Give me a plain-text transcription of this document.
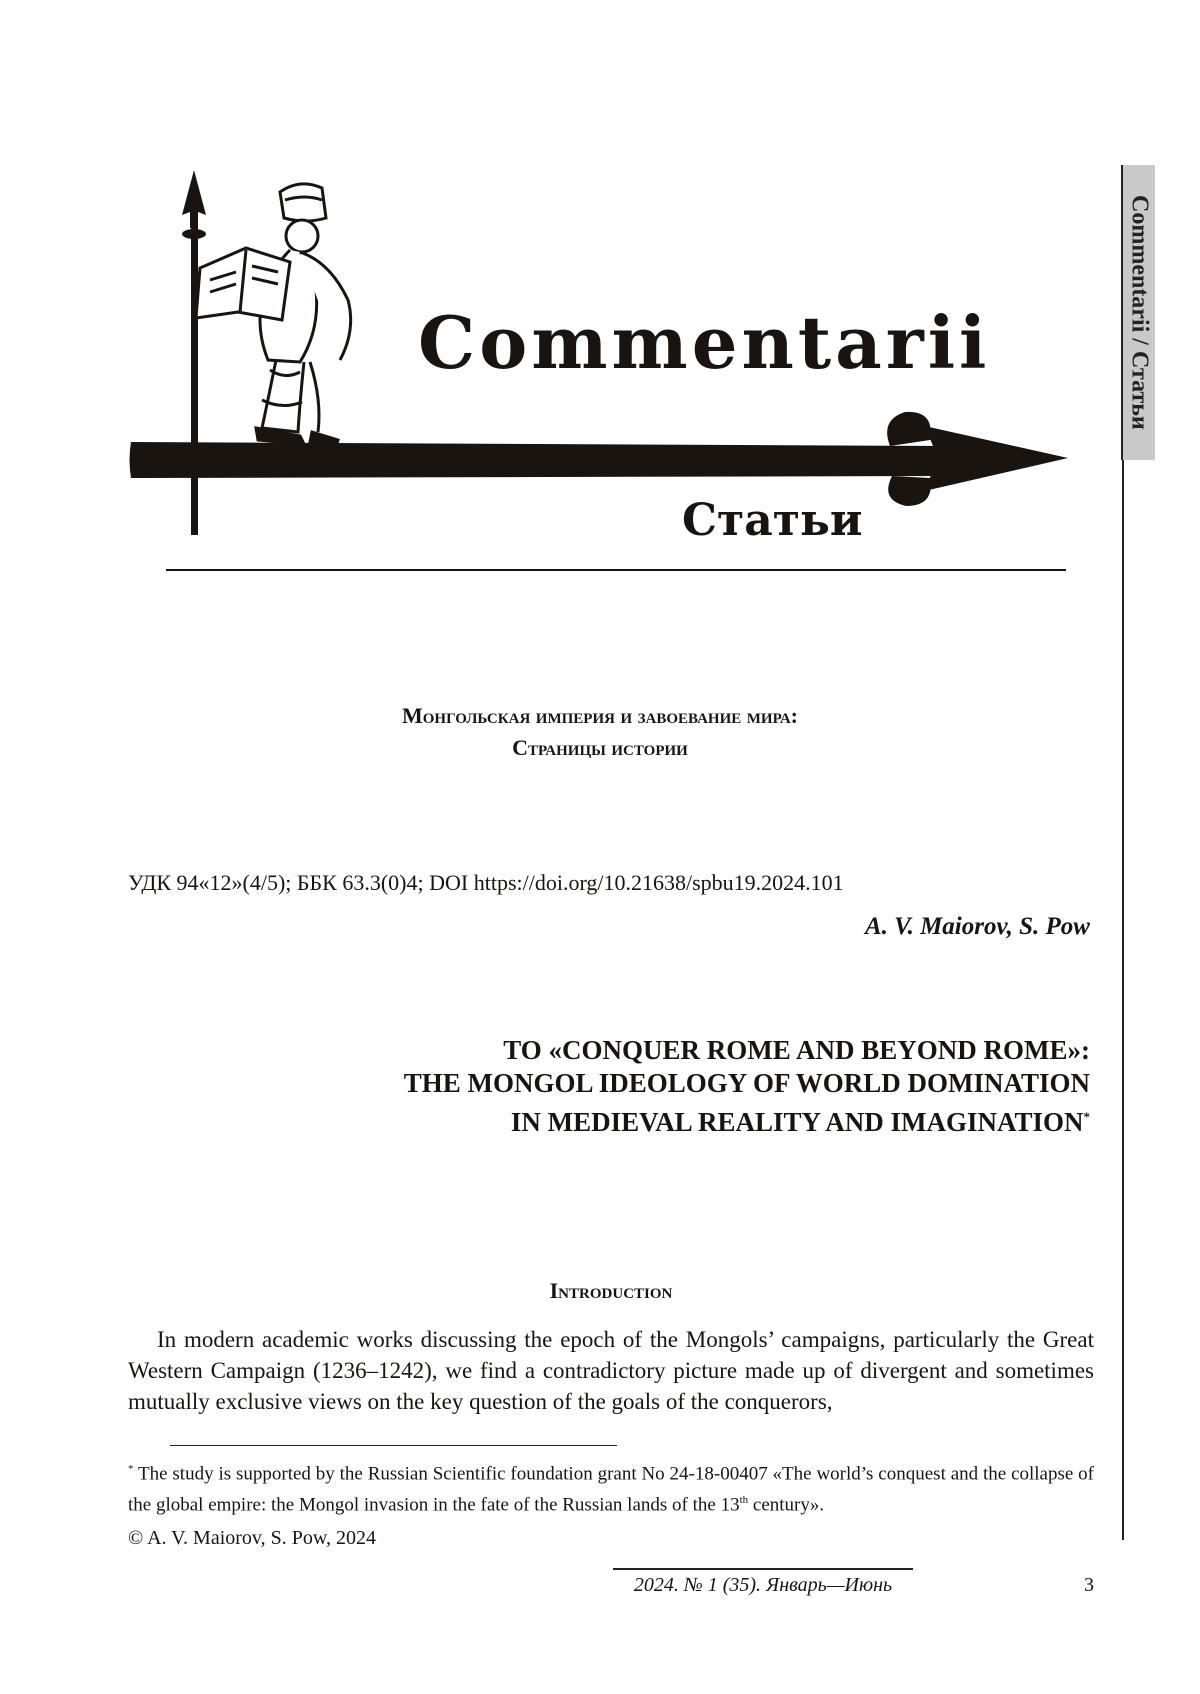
Commentarii
Статьи
Commentarii / Статьи
Монгольская империя и завоевание мира:
Страницы истории
УДК 94«12»(4/5); ББК 63.3(0)4; DOI https://doi.org/10.21638/spbu19.2024.101
A. V. Maiorov, S. Pow
TO «CONQUER ROME AND BEYOND ROME»:
THE MONGOL IDEOLOGY OF WORLD DOMINATION
IN MEDIEVAL REALITY AND IMAGINATION*
Introduction

In modern academic works discussing the epoch of the Mongols’ campaigns, particularly the Great Western Campaign (1236–1242), we find a contradictory picture made up of divergent and sometimes mutually exclusive views on the key question of the goals of the conquerors,

* The study is supported by the Russian Scientific foundation grant No 24-18-00407 «The world’s conquest and the collapse of the global empire: the Mongol invasion in the fate of the Russian lands of the 13th century».
© A. V. Maiorov, S. Pow, 2024
2024. № 1 (35). Январь—Июнь	3
